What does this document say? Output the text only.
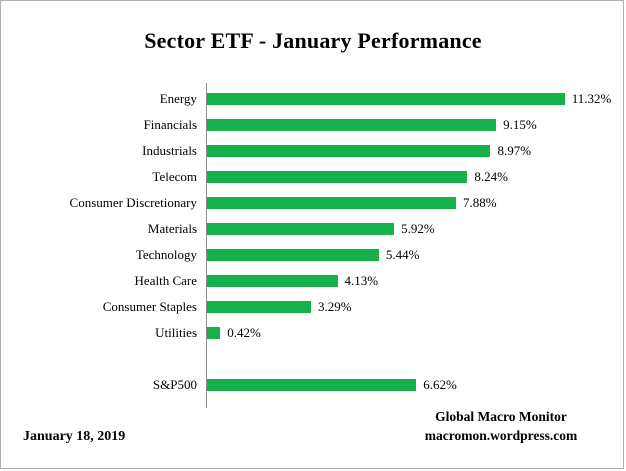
Sector ETF - January Performance
Energy	11.32%
Financials	9.15%
Industrials	8.97%
Telecom	8.24%
Consumer Discretionary	7.88%
Materials	5.92%
Technology	5.44%
Health Care	4.13%
Consumer Staples	3.29%
Utilities 0.42%
S&P500	6.62%
January 18, 2019
Global Macro Monitor
macromon.wordpress.com
